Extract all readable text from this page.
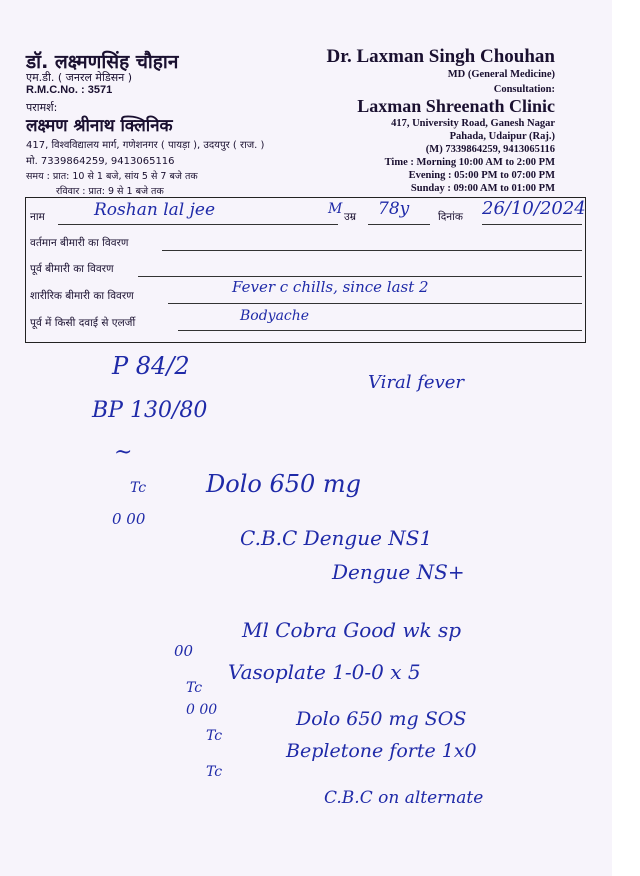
डॉ. लक्ष्मणसिंह चौहान
एम.डी. ( जनरल मेडिसन )
R.M.C.No. : 3571
परामर्श:
लक्ष्मण श्रीनाथ क्लिनिक
417, विश्वविद्यालय मार्ग, गणेशनगर ( पायड़ा ), उदयपुर ( राज. )
मो. 7339864259, 9413065116
समय : प्रात: 10 से 1 बजे, सांय 5 से 7 बजे तक
रविवार : प्रात: 9 से 1 बजे तक
Dr. Laxman Singh Chouhan
MD (General Medicine)
Consultation:
Laxman Shreenath Clinic
417, University Road, Ganesh Nagar
Pahada, Udaipur (Raj.)
(M) 7339864259, 9413065116
Time : Morning 10:00 AM to 2:00 PM
Evening : 05:00 PM to 07:00 PM
Sunday : 09:00 AM to 01:00 PM
नाम	Roshan lal jee	M उम्र 78y	दिनांक 26/10/2024
वर्तमान बीमारी का विवरण
पूर्व बीमारी का विवरण
शारीरिक बीमारी का विवरण	Fever c chills, since last 2
पूर्व में किसी दवाई से एलर्जी	Bodyache
P 84/2
BP 130/80
~
Viral fever
Tc
0 00
Dolo 650 mg
C.B.C Dengue NS1
Dengue NS+
00
Ml Cobra Good wk sp
Tc
Vasoplate 1-0-0 x 5
0 00
Tc
Dolo 650 mg SOS
Tc
Bepletone forte 1x0
C.B.C on alternate
